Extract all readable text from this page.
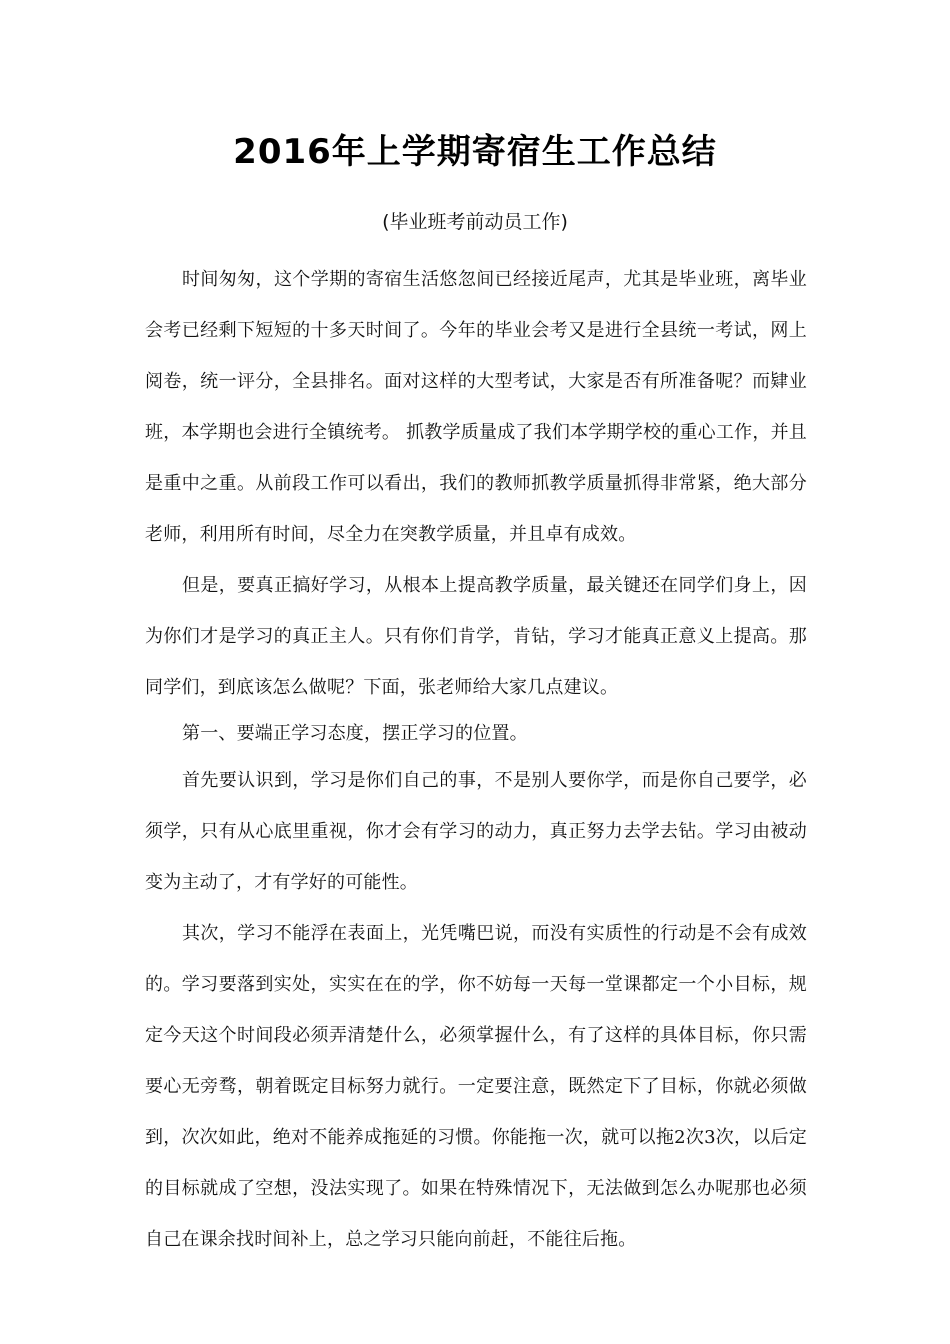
2016年上学期寄宿生工作总结
(毕业班考前动员工作)

时间匆匆，这个学期的寄宿生活悠忽间已经接近尾声，尤其是毕业班，离毕业会考已经剩下短短的十多天时间了。今年的毕业会考又是进行全县统一考试，网上阅卷，统一评分，全县排名。面对这样的大型考试，大家是否有所准备呢？而肄业班，本学期也会进行全镇统考。 抓教学质量成了我们本学期学校的重心工作，并且是重中之重。从前段工作可以看出，我们的教师抓教学质量抓得非常紧，绝大部分老师，利用所有时间，尽全力在突教学质量，并且卓有成效。

但是，要真正搞好学习，从根本上提高教学质量，最关键还在同学们身上，因为你们才是学习的真正主人。只有你们肯学，肯钻，学习才能真正意义上提高。那同学们，到底该怎么做呢？下面，张老师给大家几点建议。

第一、要端正学习态度，摆正学习的位置。

首先要认识到，学习是你们自己的事，不是别人要你学，而是你自己要学，必须学，只有从心底里重视，你才会有学习的动力，真正努力去学去钻。学习由被动变为主动了，才有学好的可能性。

其次，学习不能浮在表面上，光凭嘴巴说，而没有实质性的行动是不会有成效的。学习要落到实处，实实在在的学，你不妨每一天每一堂课都定一个小目标，规定今天这个时间段必须弄清楚什么，必须掌握什么，有了这样的具体目标，你只需要心无旁骛，朝着既定目标努力就行。一定要注意，既然定下了目标，你就必须做到，次次如此，绝对不能养成拖延的习惯。你能拖一次，就可以拖2次3次，以后定的目标就成了空想，没法实现了。如果在特殊情况下，无法做到怎么办呢那也必须自己在课余找时间补上，总之学习只能向前赶，不能往后拖。
